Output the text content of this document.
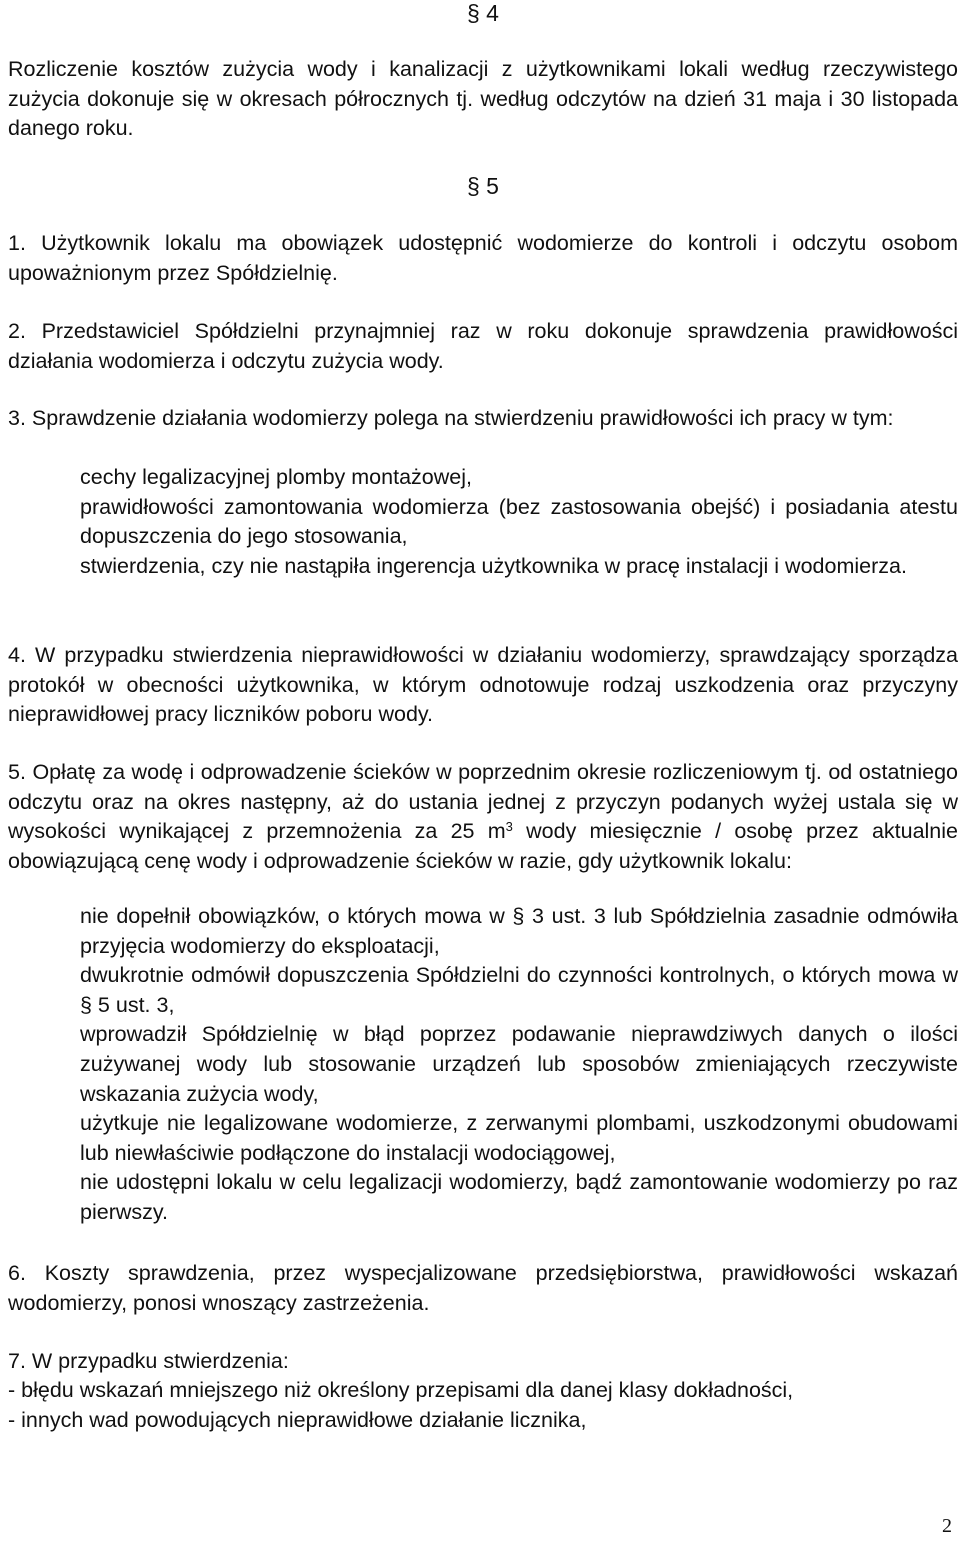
§ 4

Rozliczenie kosztów zużycia wody i kanalizacji z użytkownikami lokali według rzeczywistego zużycia dokonuje się w okresach półrocznych tj. według odczytów na dzień 31 maja i 30 listopada danego roku.

§ 5

1. Użytkownik lokalu ma obowiązek udostępnić wodomierze do kontroli i odczytu osobom upoważnionym przez Spółdzielnię.

2. Przedstawiciel Spółdzielni przynajmniej raz w roku dokonuje sprawdzenia prawidłowości działania wodomierza i odczytu zużycia wody.

3. Sprawdzenie działania wodomierzy polega na stwierdzeniu prawidłowości ich pracy w tym:

cechy legalizacyjnej plomby montażowej,

prawidłowości zamontowania wodomierza (bez zastosowania obejść) i posiadania atestu dopuszczenia do jego stosowania,

stwierdzenia, czy nie nastąpiła ingerencja użytkownika w pracę instalacji i wodomierza.

4. W przypadku stwierdzenia nieprawidłowości w działaniu wodomierzy, sprawdzający sporządza protokół w obecności użytkownika, w którym odnotowuje rodzaj uszkodzenia oraz przyczyny nieprawidłowej pracy liczników poboru wody.

5. Opłatę za wodę i odprowadzenie ścieków w poprzednim okresie rozliczeniowym tj. od ostatniego odczytu oraz na okres następny, aż do ustania jednej z przyczyn podanych wyżej ustala się w wysokości wynikającej z przemnożenia za 25 $m^3$ wody miesięcznie / osobę przez aktualnie obowiązującą cenę wody i odprowadzenie ścieków w razie, gdy użytkownik lokalu:

nie dopełnił obowiązków, o których mowa w § 3 ust. 3 lub Spółdzielnia zasadnie odmówiła przyjęcia wodomierzy do eksploatacji,

dwukrotnie odmówił dopuszczenia Spółdzielni do czynności kontrolnych, o których mowa w § 5 ust. 3,

wprowadził Spółdzielnię w błąd poprzez podawanie nieprawdziwych danych o ilości zużywanej wody lub stosowanie urządzeń lub sposobów zmieniających rzeczywiste wskazania zużycia wody,

użytkuje nie legalizowane wodomierze, z zerwanymi plombami, uszkodzonymi obudowami lub niewłaściwie podłączone do instalacji wodociągowej,

nie udostępni lokalu w celu legalizacji wodomierzy, bądź zamontowanie wodomierzy po raz pierwszy.

6. Koszty sprawdzenia, przez wyspecjalizowane przedsiębiorstwa, prawidłowości wskazań wodomierzy, ponosi wnoszący zastrzeżenia.

7. W przypadku stwierdzenia:

- błędu wskazań mniejszego niż określony przepisami dla danej klasy dokładności,

- innych wad powodujących nieprawidłowe działanie licznika,

2
